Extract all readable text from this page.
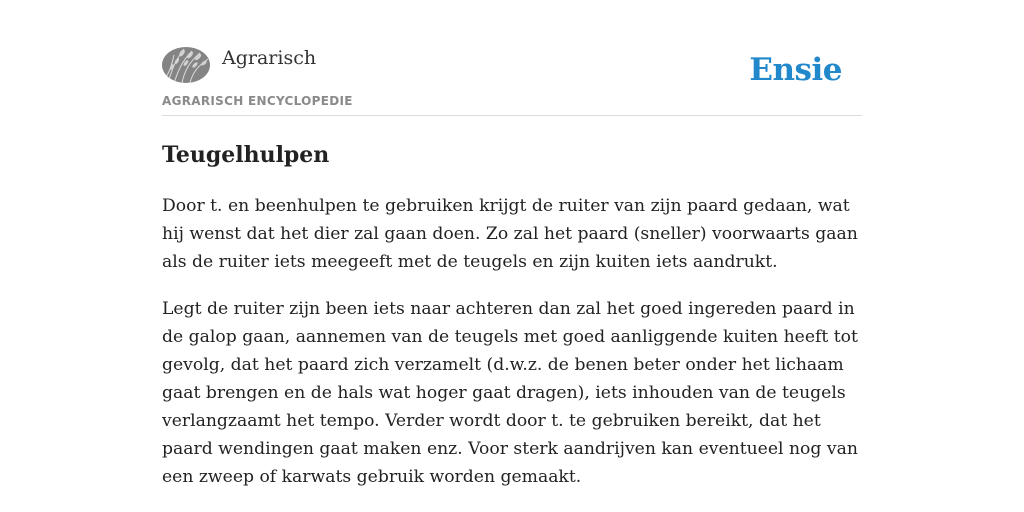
Agrarisch
AGRARISCH ENCYCLOPEDIE
Ensie
Teugelhulpen

Door t. en beenhulpen te gebruiken krijgt de ruiter van zijn paard gedaan, wat hij wenst dat het dier zal gaan doen. Zo zal het paard (sneller) voorwaarts gaan als de ruiter iets meegeeft met de teugels en zijn kuiten iets aandrukt.

Legt de ruiter zijn been iets naar achteren dan zal het goed ingereden paard in de galop gaan, aannemen van de teugels met goed aanliggende kuiten heeft tot gevolg, dat het paard zich verzamelt (d.w.z. de benen beter onder het lichaam gaat brengen en de hals wat hoger gaat dragen), iets inhouden van de teugels verlangzaamt het tempo. Verder wordt door t. te gebruiken bereikt, dat het paard wendingen gaat maken enz. Voor sterk aandrijven kan eventueel nog van een zweep of karwats gebruik worden gemaakt.
